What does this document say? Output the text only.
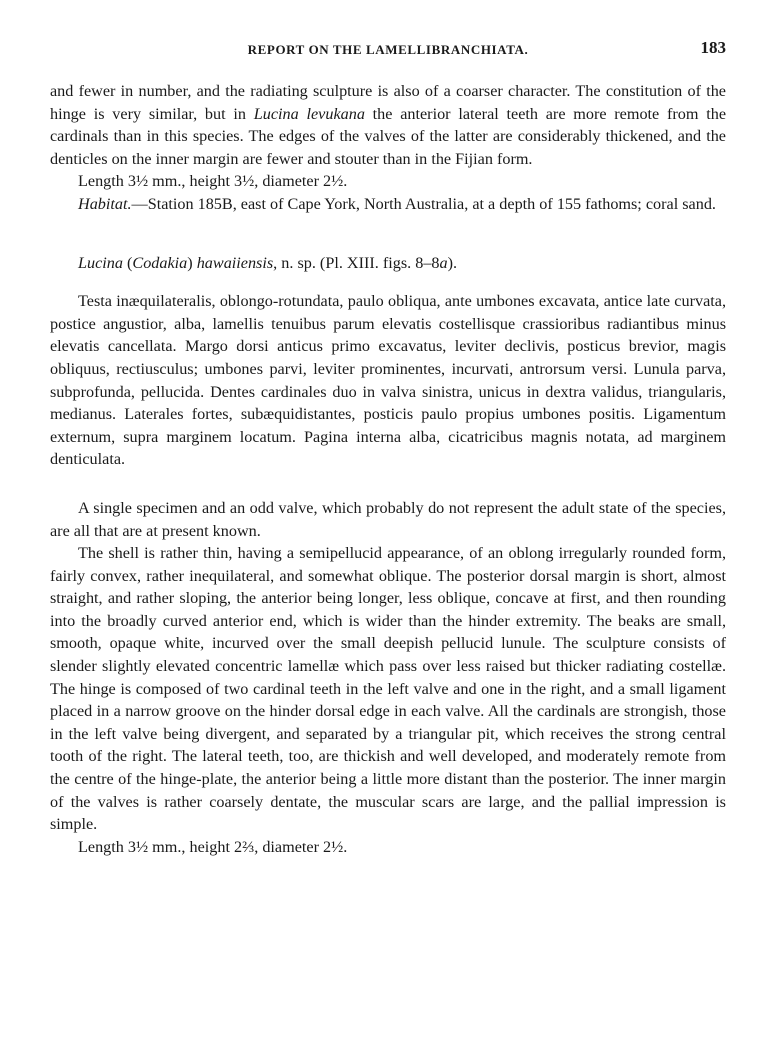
REPORT ON THE LAMELLIBRANCHIATA.	183

and fewer in number, and the radiating sculpture is also of a coarser character. The constitution of the hinge is very similar, but in Lucina levukana the anterior lateral teeth are more remote from the cardinals than in this species. The edges of the valves of the latter are considerably thickened, and the denticles on the inner margin are fewer and stouter than in the Fijian form.

Length 3½ mm., height 3½, diameter 2½.

Habitat.—Station 185B, east of Cape York, North Australia, at a depth of 155 fathoms; coral sand.

Lucina (Codakia) hawaiiensis, n. sp. (Pl. XIII. figs. 8–8a).

Testa inæquilateralis, oblongo-rotundata, paulo obliqua, ante umbones excavata, antice late curvata, postice angustior, alba, lamellis tenuibus parum elevatis costellisque crassioribus radiantibus minus elevatis cancellata. Margo dorsi anticus primo excavatus, leviter declivis, posticus brevior, magis obliquus, rectiusculus; umbones parvi, leviter prominentes, incurvati, antrorsum versi. Lunula parva, subprofunda, pellucida. Dentes cardinales duo in valva sinistra, unicus in dextra validus, triangularis, medianus. Laterales fortes, subæquidistantes, posticis paulo propius umbones positis. Ligamentum externum, supra marginem locatum. Pagina interna alba, cicatricibus magnis notata, ad marginem denticulata.

A single specimen and an odd valve, which probably do not represent the adult state of the species, are all that are at present known.

The shell is rather thin, having a semipellucid appearance, of an oblong irregularly rounded form, fairly convex, rather inequilateral, and somewhat oblique. The posterior dorsal margin is short, almost straight, and rather sloping, the anterior being longer, less oblique, concave at first, and then rounding into the broadly curved anterior end, which is wider than the hinder extremity. The beaks are small, smooth, opaque white, incurved over the small deepish pellucid lunule. The sculpture consists of slender slightly elevated concentric lamellæ which pass over less raised but thicker radiating costellæ. The hinge is composed of two cardinal teeth in the left valve and one in the right, and a small ligament placed in a narrow groove on the hinder dorsal edge in each valve. All the cardinals are strongish, those in the left valve being divergent, and separated by a triangular pit, which receives the strong central tooth of the right. The lateral teeth, too, are thickish and well developed, and moderately remote from the centre of the hinge-plate, the anterior being a little more distant than the posterior. The inner margin of the valves is rather coarsely dentate, the muscular scars are large, and the pallial impression is simple.

Length 3½ mm., height 2⅔, diameter 2½.
